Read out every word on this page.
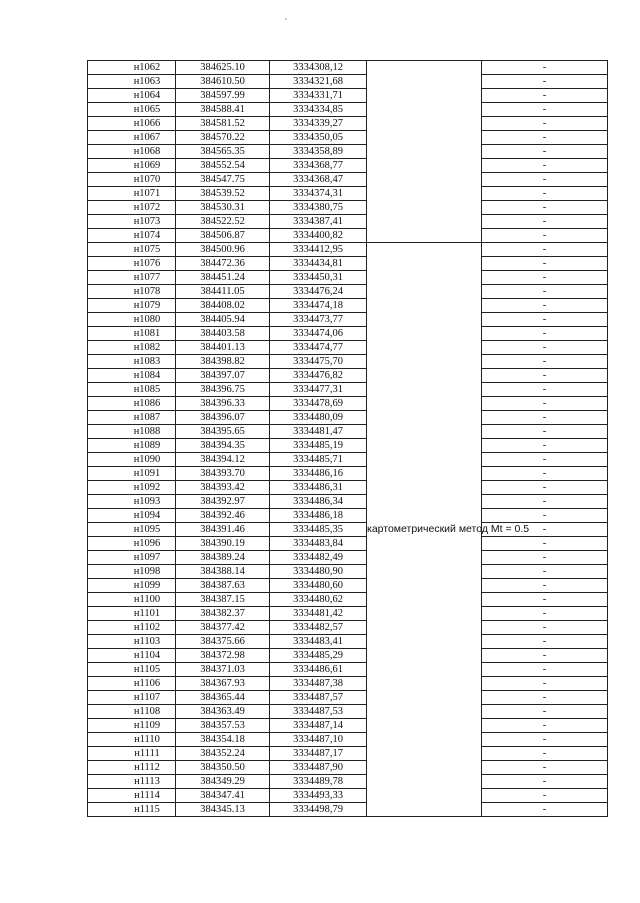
н1062	384625.10	3334308,12		-
н1063	384610.50	3334321,68		-
н1064	384597.99	3334331,71		-
н1065	384588.41	3334334,85		-
н1066	384581.52	3334339,27		-
н1067	384570.22	3334350,05		-
н1068	384565.35	3334358,89		-
н1069	384552.54	3334368,77		-
н1070	384547.75	3334368,47		-
н1071	384539.52	3334374,31		-
н1072	384530.31	3334380,75		-
н1073	384522.52	3334387,41		-
н1074	384506.87	3334400,82		-
н1075	384500.96	3334412,95	картометрический метод Mt = 0.5	-
н1076	384472.36	3334434,81		-
н1077	384451.24	3334450,31		-
н1078	384411.05	3334476,24		-
н1079	384408.02	3334474,18		-
н1080	384405.94	3334473,77		-
н1081	384403.58	3334474,06		-
н1082	384401.13	3334474,77		-
н1083	384398.82	3334475,70		-
н1084	384397.07	3334476,82		-
н1085	384396.75	3334477,31		-
н1086	384396.33	3334478,69		-
н1087	384396.07	3334480,09		-
н1088	384395.65	3334481,47		-
н1089	384394.35	3334485,19		-
н1090	384394.12	3334485,71		-
н1091	384393.70	3334486,16		-
н1092	384393.42	3334486,31		-
н1093	384392.97	3334486,34		-
н1094	384392.46	3334486,18		-
н1095	384391.46	3334485,35		-
н1096	384390.19	3334483,84		-
н1097	384389.24	3334482,49		-
н1098	384388.14	3334480,90		-
н1099	384387.63	3334480,60		-
н1100	384387.15	3334480,62		-
н1101	384382.37	3334481,42		-
н1102	384377.42	3334482,57		-
н1103	384375.66	3334483,41		-
н1104	384372.98	3334485,29		-
н1105	384371.03	3334486,61		-
н1106	384367.93	3334487,38		-
н1107	384365.44	3334487,57		-
н1108	384363.49	3334487,53		-
н1109	384357.53	3334487,14		-
н1110	384354.18	3334487,10		-
н1111	384352.24	3334487,17		-
н1112	384350.50	3334487,90		-
н1113	384349.29	3334489,78		-
н1114	384347.41	3334493,33		-
н1115	384345.13	3334498,79		-
